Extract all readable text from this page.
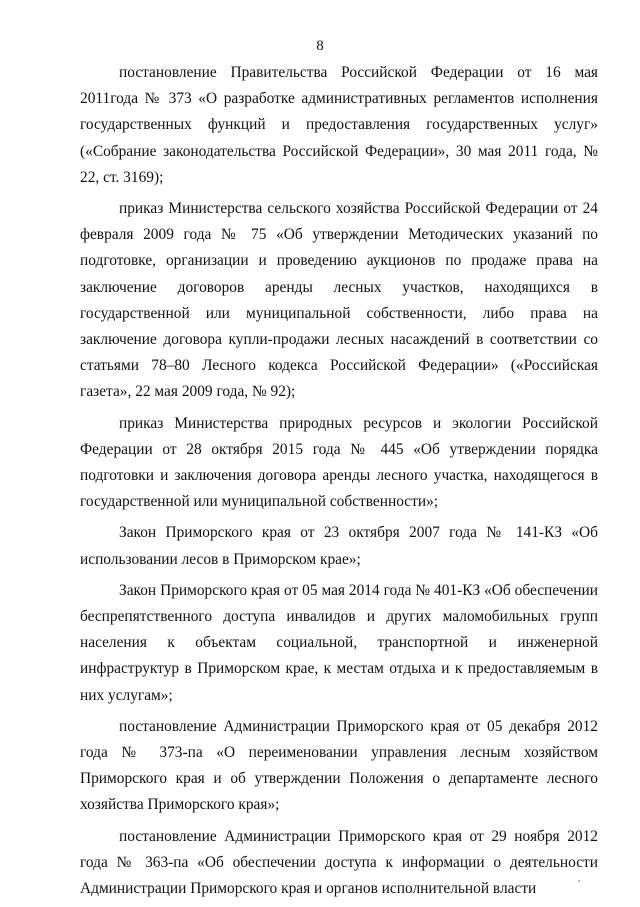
8

постановление Правительства Российской Федерации от 16 мая 2011года № 373 «О разработке административных регламентов исполнения государственных функций и предоставления государственных услуг» («Собрание законодательства Российской Федерации», 30 мая 2011 года, № 22, ст. 3169);

приказ Министерства сельского хозяйства Российской Федерации от 24 февраля 2009 года № 75 «Об утверждении Методических указаний по подготовке, организации и проведению аукционов по продаже права на заключение договоров аренды лесных участков, находящихся в государственной или муниципальной собственности, либо права на заключение договора купли-продажи лесных насаждений в соответствии со статьями 78–80 Лесного кодекса Российской Федерации» («Российская газета», 22 мая 2009 года, № 92);

приказ Министерства природных ресурсов и экологии Российской Федерации от 28 октября 2015 года № 445 «Об утверждении порядка подготовки и заключения договора аренды лесного участка, находящегося в государственной или муниципальной собственности»;

Закон Приморского края от 23 октября 2007 года № 141-КЗ «Об использовании лесов в Приморском крае»;

Закон Приморского края от 05 мая 2014 года № 401-КЗ «Об обеспечении беспрепятственного доступа инвалидов и других маломобильных групп населения к объектам социальной, транспортной и инженерной инфраструктур в Приморском крае, к местам отдыха и к предоставляемым в них услугам»;

постановление Администрации Приморского края от 05 декабря 2012 года № 373-па «О переименовании управления лесным хозяйством Приморского края и об утверждении Положения о департаменте лесного хозяйства Приморского края»;

постановление Администрации Приморского края от 29 ноября 2012 года № 363-па «Об обеспечении доступа к информации о деятельности Администрации Приморского края и органов исполнительной власти
